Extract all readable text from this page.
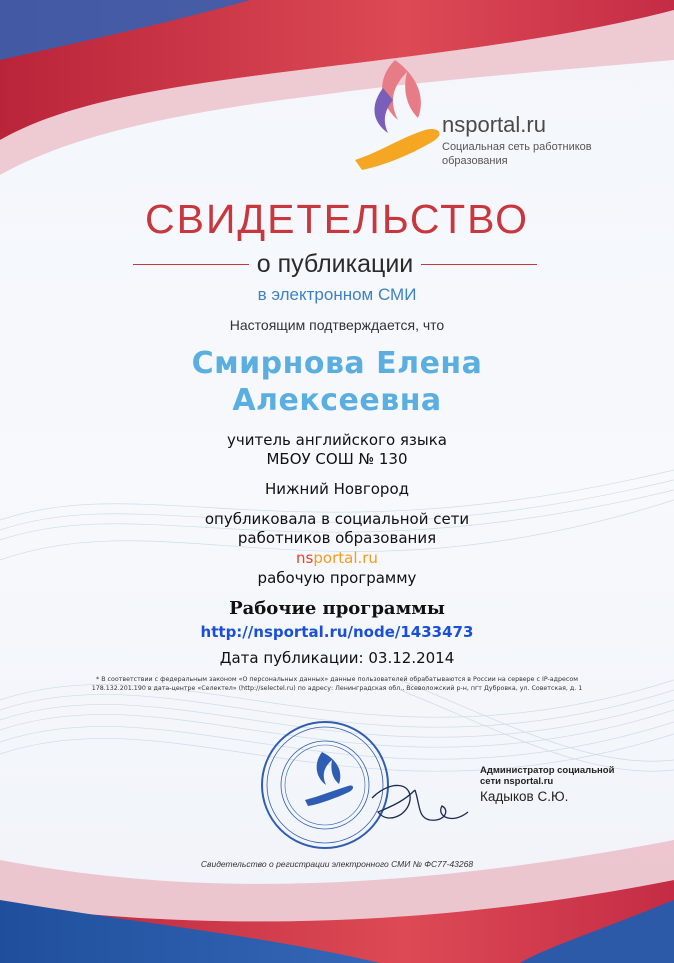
nsportal.ru
Социальная сеть работников образования
СВИДЕТЕЛЬСТВО
о публикации
в электронном СМИ
Настоящим подтверждается, что
Смирнова Елена
Алексеевна
учитель английского языка
МБОУ СОШ № 130
Нижний Новгород
опубликовала в социальной сети
работников образования
nsportal.ru
рабочую программу
Рабочие программы
http://nsportal.ru/node/1433473
Дата публикации: 03.12.2014
* В соответствии с федеральным законом «О персональных данных» данные пользователей обрабатываются в России на сервере с IP-адресом
178.132.201.190 в дата-центре «Селектел» (http://selectel.ru) по адресу: Ленинградская обл., Всеволожский р-н, пгт Дубровка, ул. Советская, д. 1
Администратор социальной
сети nsportal.ru
Кадыков С.Ю.
Свидетельство о регистрации электронного СМИ № ФС77-43268
